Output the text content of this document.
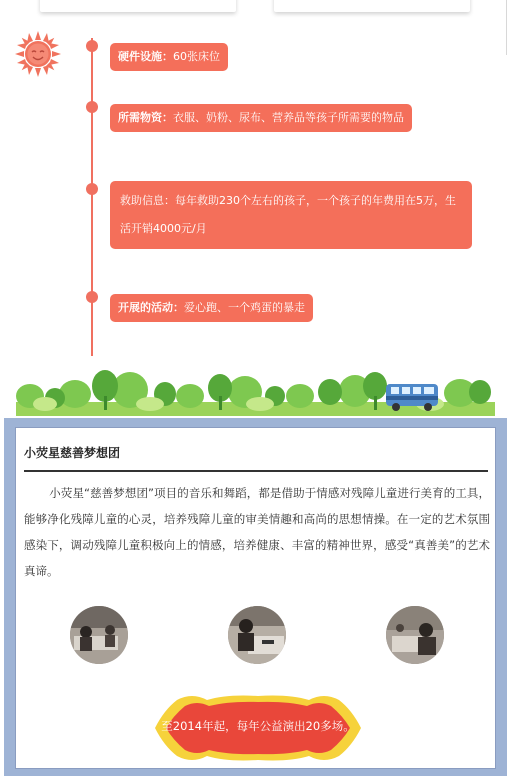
硬件设施：60张床位
所需物资：衣服、奶粉、尿布、营养品等孩子所需要的物品
救助信息：每年救助230个左右的孩子，一个孩子的年费用在5万，生活开销4000元/月
开展的活动：爱心跑、一个鸡蛋的暴走
小荧星慈善梦想团
小荧星“慈善梦想团”项目的音乐和舞蹈，都是借助于情感对残障儿童进行美育的工具，能够净化残障儿童的心灵，培养残障儿童的审美情趣和高尚的思想情操。在一定的艺术氛围感染下，调动残障儿童积极向上的情感，培养健康、丰富的精神世界，感受“真善美”的艺术真谛。
至2014年起，每年公益演出20多场。
